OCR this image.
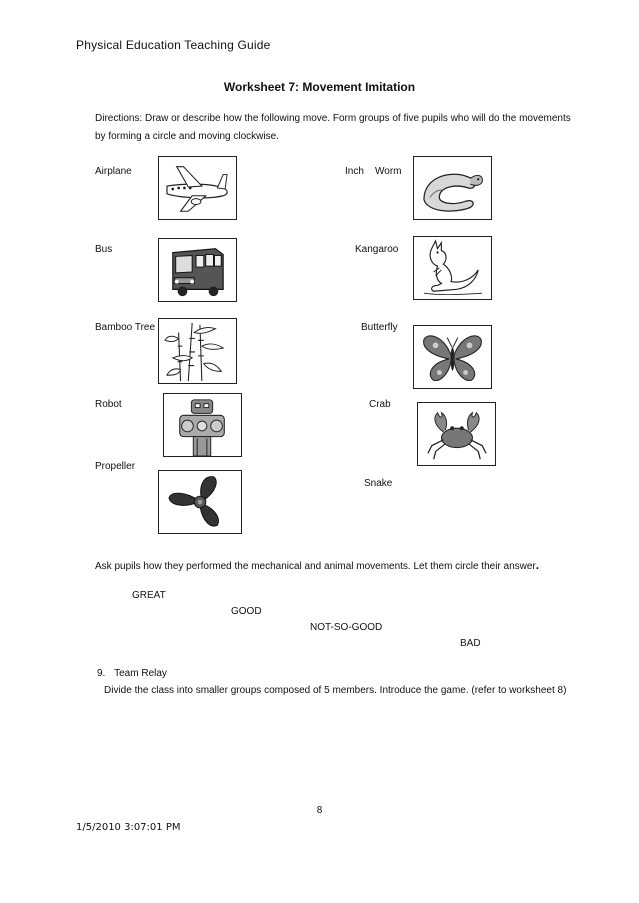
Physical Education Teaching Guide
Worksheet 7: Movement Imitation
Directions: Draw or describe how the following move. Form groups of five pupils who will do the movements
by forming a circle and moving clockwise.
Airplane
Bus
Bamboo Tree
Robot
Propeller
Inch    Worm
Kangaroo
Butterfly
Crab
Snake
Ask pupils how they performed the mechanical and animal movements. Let them circle their answer.
GREAT
GOOD
NOT-SO-GOOD
BAD
9. Team Relay
Divide the class into smaller groups composed of 5 members. Introduce the game. (refer to worksheet 8)
8
1/5/2010 3:07:01 PM
